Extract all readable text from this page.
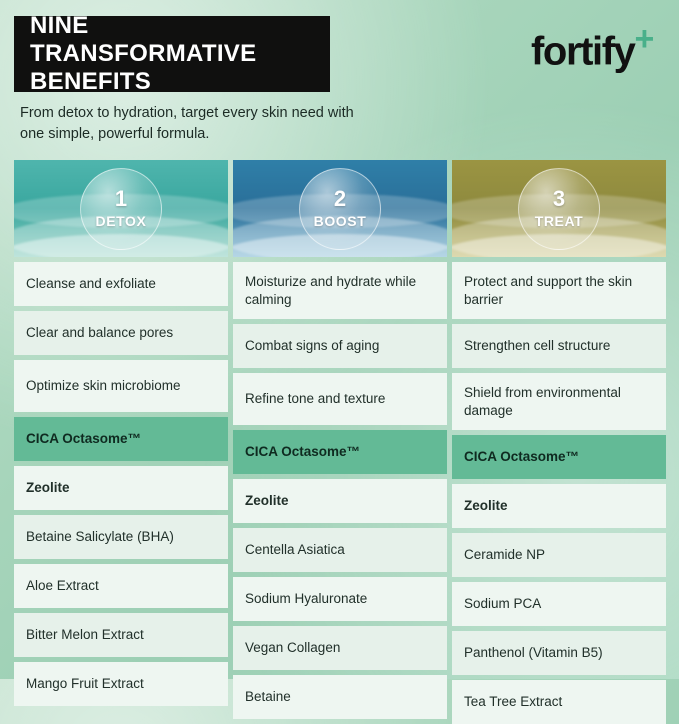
NINE TRANSFORMATIVE
BENEFITS
From detox to hydration, target every skin need with one simple, powerful formula.
fortify+
1
DETOX
Cleanse and exfoliate
Clear and balance pores
Optimize skin microbiome
CICA Octasome™
Zeolite
Betaine Salicylate (BHA)
Aloe Extract
Bitter Melon Extract
Mango Fruit Extract
2
BOOST
Moisturize and hydrate while calming
Combat signs of aging
Refine tone and texture
CICA Octasome™
Zeolite
Centella Asiatica
Sodium Hyaluronate
Vegan Collagen
Betaine
3
TREAT
Protect and support the skin barrier
Strengthen cell structure
Shield from environmental damage
CICA Octasome™
Zeolite
Ceramide NP
Sodium PCA
Panthenol (Vitamin B5)
Tea Tree Extract
